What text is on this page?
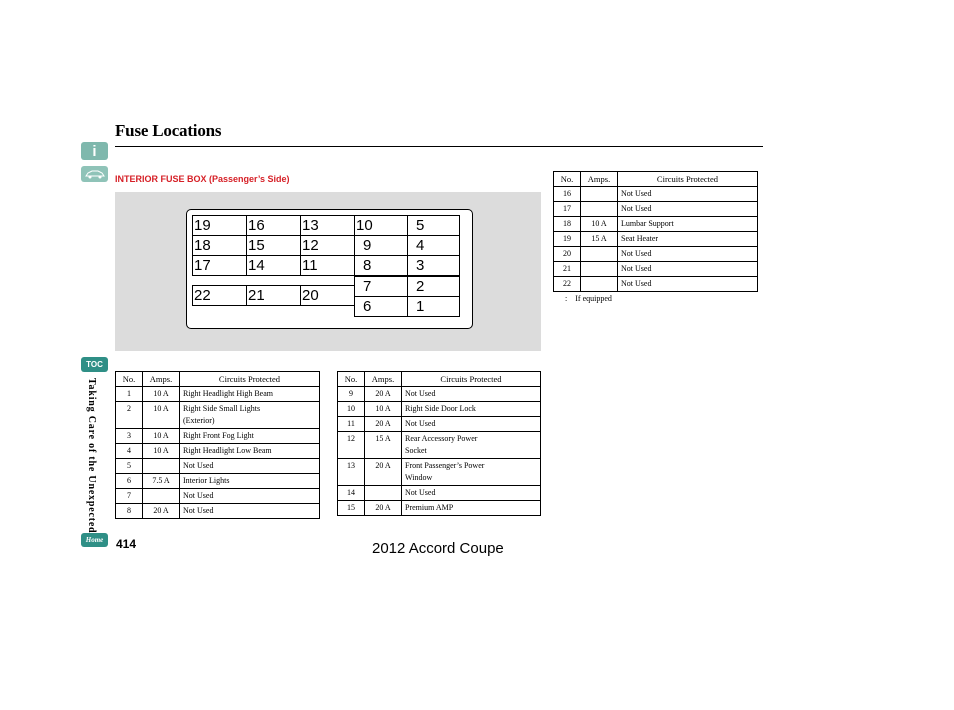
Fuse Locations
i
TOC
Taking Care of the Unexpected
Home	414	2012 Accord Coupe
INTERIOR FUSE BOX (Passenger’s Side)
19	16	13	10	5
18	15	12	9	4
17	14	11	8	3
22	21	20
7	2
6	1
No.	Amps.	Circuits Protected
1	10 A	Right Headlight High Beam
2	10 A	Right Side Small Lights
(Exterior)

3	10 A	Right Front Fog Light
4	10 A	Right Headlight Low Beam
5		Not Used
6	7.5 A	Interior Lights
7		Not Used
8	20 A	Not Used
No.	Amps.	Circuits Protected
9	20 A	Not Used
10	10 A	Right Side Door Lock
11	20 A	Not Used
12	15 A	Rear Accessory Power
Socket

13	20 A	Front Passenger’s Power
Window

14		Not Used
15	20 A	Premium AMP
No.	Amps.	Circuits Protected
16		Not Used
17		Not Used
18	10 A	Lumbar Support
19	15 A	Seat Heater
20		Not Used
21		Not Used
22		Not Used
: If equipped
